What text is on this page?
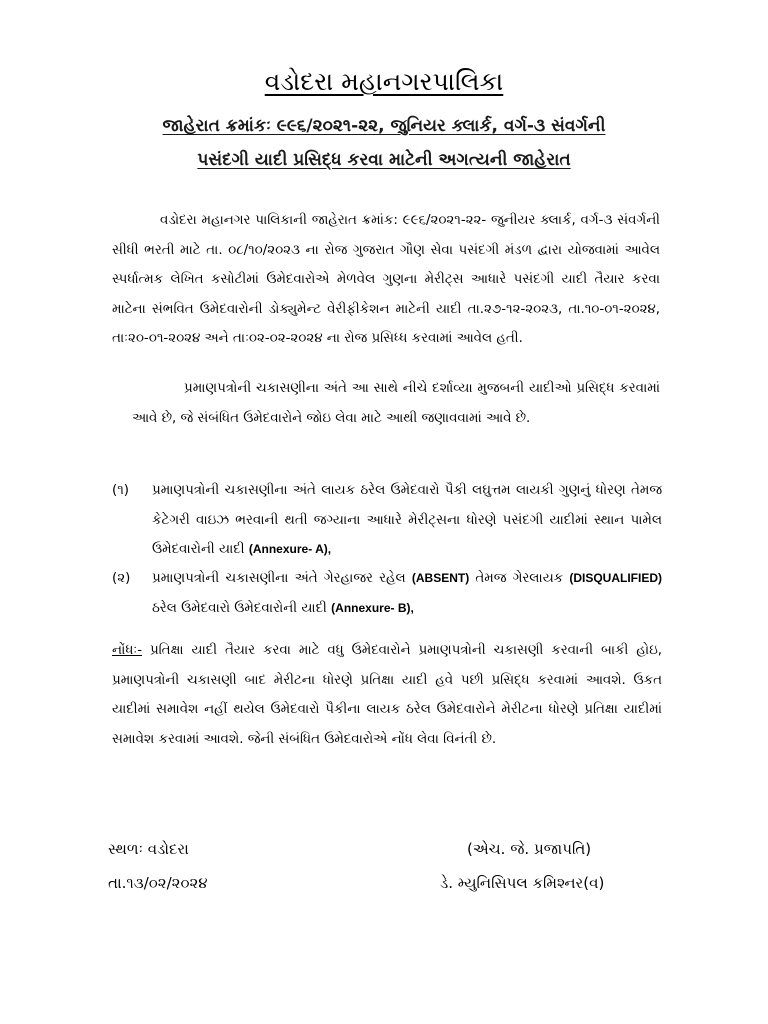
વડોદરા મહાનગરપાલિકા
જાહેરાત ક્રમાંકઃ ૯૯૬/૨૦૨૧-૨૨, જુનિયર ક્લાર્ક, વર્ગ-૩ સંવર્ગની
પસંદગી યાદી પ્રસિદ્ધ કરવા માટેની અગત્યની જાહેરાત
વડોદરા મહાનગર પાલિકાની જાહેરાત ક્રમાંક: ૯૯૬/૨૦૨૧-૨૨- જુનીયર ક્લાર્ક, વર્ગ-૩ સંવર્ગની સીધી ભરતી માટે તા. ૦૮/૧૦/૨૦૨૩ ના રોજ ગુજરાત ગૌણ સેવા પસંદગી મંડળ દ્વારા યોજવામાં આવેલ સ્પર્ધાત્મક લેખિત કસોટીમાં ઉમેદવારોએ મેળવેલ ગુણના મેરીટ્સ આધારે પસંદગી યાદી તૈયાર કરવા માટેના સંભવિત ઉમેદવારોની ડોક્યુમેન્ટ વેરીફીકેશન માટેની યાદી તા.૨૭-૧૨-૨૦૨૩, તા.૧૦-૦૧-૨૦૨૪, તાઃ૨૦-૦૧-૨૦૨૪ અને તાઃ૦૨-૦૨-૨૦૨૪ ના રોજ પ્રસિધ્ધ કરવામાં આવેલ હતી.
પ્રમાણપત્રોની ચકાસણીના અંતે આ સાથે નીચે દર્શાવ્યા મુજબની યાદીઓ પ્રસિદ્ધ કરવામાં આવે છે, જે સંબંધિત ઉમેદવારોને જોઇ લેવા માટે આથી જણાવવામાં આવે છે.
(૧)	પ્રમાણપત્રોની ચકાસણીના અંતે લાયક ઠરેલ ઉમેદવારો પૈકી લઘુત્તમ લાયકી ગુણનું ધોરણ તેમજ કેટેગરી વાઇઝ ભરવાની થતી જગ્યાના આધારે મેરીટ્સના ધોરણે પસંદગી યાદીમાં સ્થાન પામેલ ઉમેદવારોની યાદી (Annexure- A),
(૨)	પ્રમાણપત્રોની ચકાસણીના અંતે ગેરહાજર રહેલ (ABSENT) તેમજ ગેરલાયક (DISQUALIFIED) ઠરેલ ઉમેદવારો ઉમેદવારોની યાદી (Annexure- B),
નોંધઃ- પ્રતિક્ષા યાદી તૈયાર કરવા માટે વધુ ઉમેદવારોને પ્રમાણપત્રોની ચકાસણી કરવાની બાકી હોઇ, પ્રમાણપત્રોની ચકાસણી બાદ મેરીટના ધોરણે પ્રતિક્ષા યાદી હવે પછી પ્રસિદ્ધ કરવામાં આવશે. ઉકત યાદીમાં સમાવેશ નહીં થયેલ ઉમેદવારો પૈકીના લાયક ઠરેલ ઉમેદવારોને મેરીટના ધોરણે પ્રતિક્ષા યાદીમાં સમાવેશ કરવામાં આવશે. જેની સંબંધિત ઉમેદવારોએ નોંધ લેવા વિનંતી છે.
સ્થળઃ વડોદરા
તા.૧૩/૦૨/૨૦૨૪
(એચ. જે. પ્રજાપતિ)
ડે. મ્યુનિસિપલ કમિશ્નર(વ)
